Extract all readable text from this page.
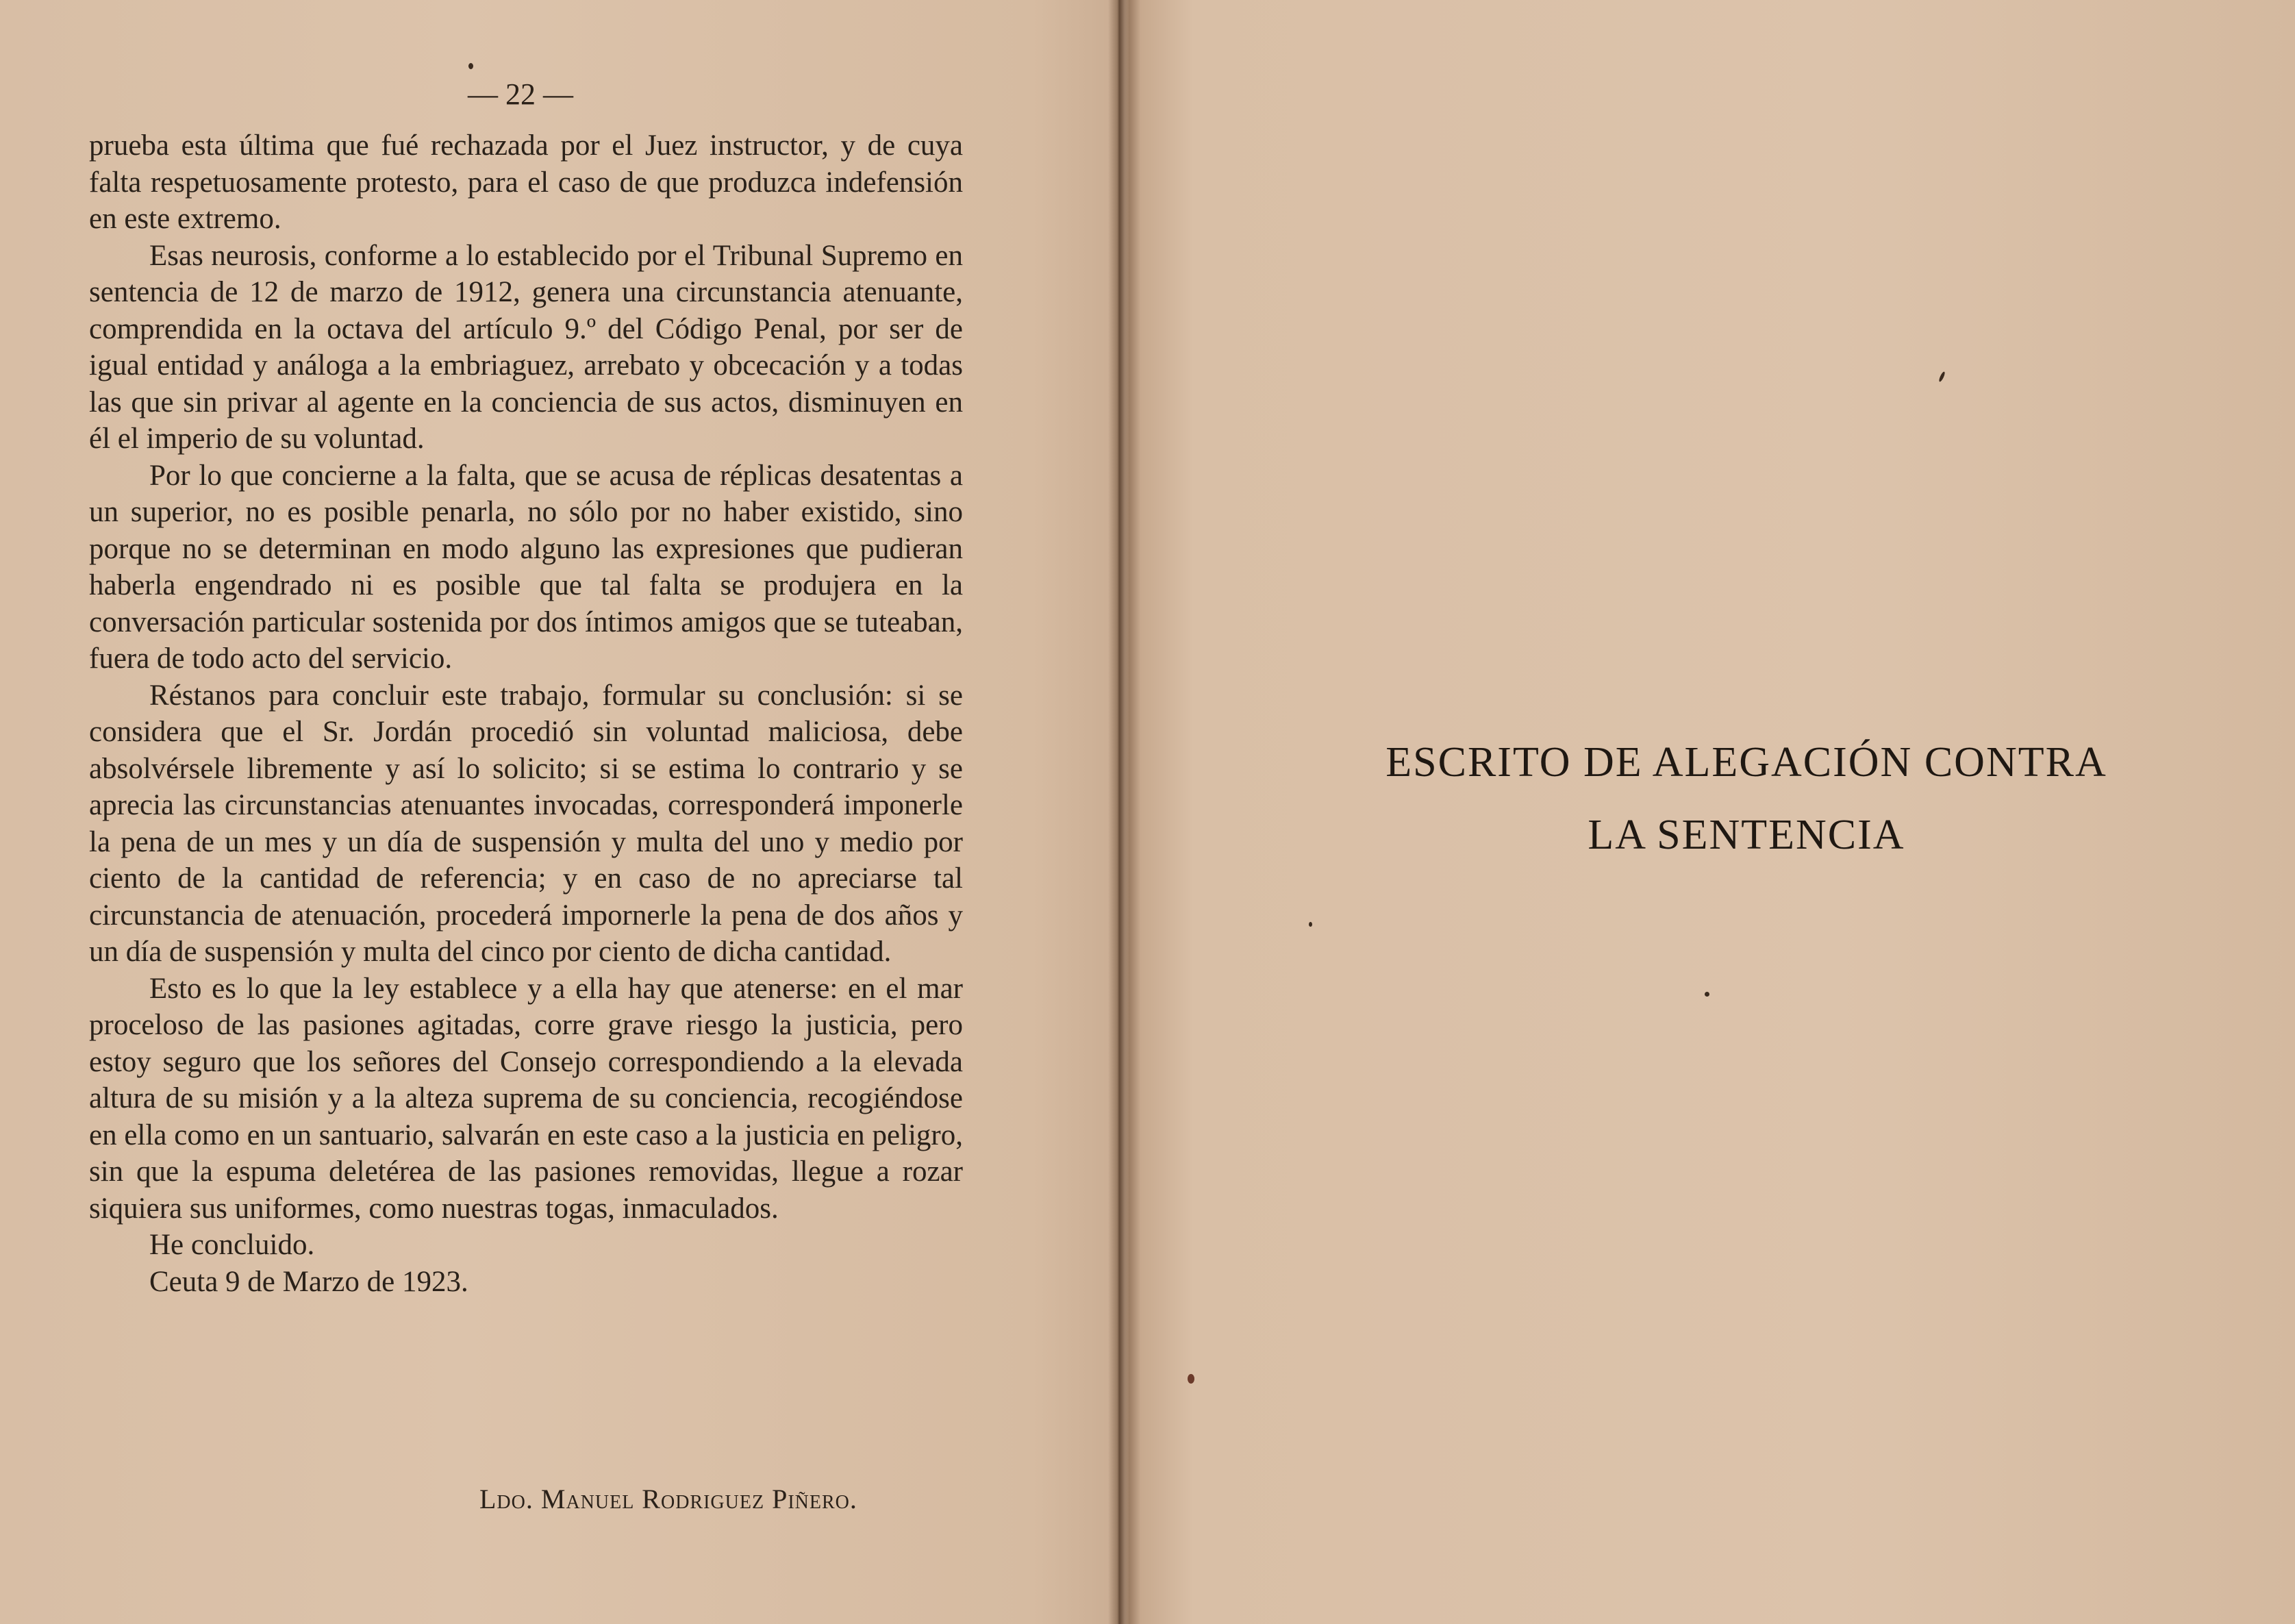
— 22 —

prueba esta última que fué rechazada por el Juez instructor, y de cuya falta respetuosamente protesto, para el caso de que produzca indefensión en este extremo.

Esas neurosis, conforme a lo establecido por el Tribunal Supremo en sentencia de 12 de marzo de 1912, genera una circunstancia atenuante, comprendida en la octava del artículo 9.º del Código Penal, por ser de igual entidad y análoga a la embriaguez, arrebato y obcecación y a todas las que sin privar al agente en la conciencia de sus actos, disminuyen en él el imperio de su voluntad.

Por lo que concierne a la falta, que se acusa de réplicas desatentas a un superior, no es posible penarla, no sólo por no haber existido, sino porque no se determinan en modo alguno las expresiones que pudieran haberla engendrado ni es posible que tal falta se produjera en la conversación particular sostenida por dos íntimos amigos que se tuteaban, fuera de todo acto del servicio.

Réstanos para concluir este trabajo, formular su conclusión: si se considera que el Sr. Jordán procedió sin voluntad maliciosa, debe absolvérsele libremente y así lo solicito; si se estima lo contrario y se aprecia las circunstancias atenuantes invocadas, corresponderá imponerle la pena de un mes y un día de suspensión y multa del uno y medio por ciento de la cantidad de referencia; y en caso de no apreciarse tal circunstancia de atenuación, procederá impornerle la pena de dos años y un día de suspensión y multa del cinco por ciento de dicha cantidad.

Esto es lo que la ley establece y a ella hay que atenerse: en el mar proceloso de las pasiones agitadas, corre grave riesgo la justicia, pero estoy seguro que los señores del Consejo correspondiendo a la elevada altura de su misión y a la alteza suprema de su conciencia, recogiéndose en ella como en un santuario, salvarán en este caso a la justicia en peligro, sin que la espuma deletérea de las pasiones removidas, llegue a rozar siquiera sus uniformes, como nuestras togas, inmaculados.

He concluido.

Ceuta 9 de Marzo de 1923.

Ldo. Manuel Rodriguez Piñero.
ESCRITO DE ALEGACIÓN CONTRA
LA SENTENCIA
